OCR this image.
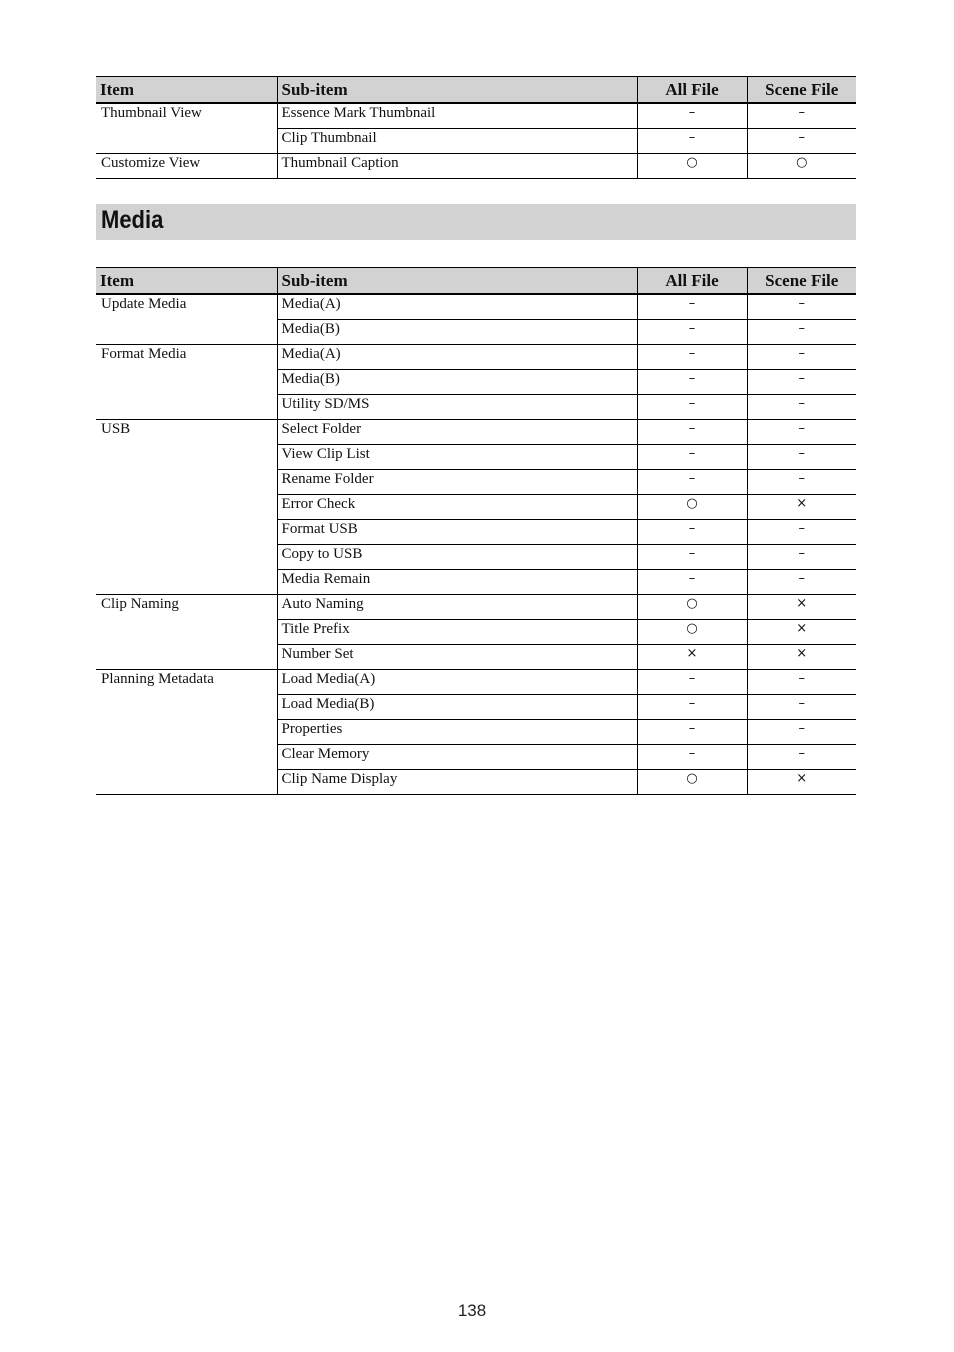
Item	Sub-item	All File	Scene File
Thumbnail View	Essence Mark Thumbnail	–	–
	Clip Thumbnail	–	–
Customize View	Thumbnail Caption	○	○
Media
Item	Sub-item	All File	Scene File
Update Media	Media(A)	–	–
	Media(B)	–	–
Format Media	Media(A)	–	–
	Media(B)	–	–
	Utility SD/MS	–	–
USB	Select Folder	–	–
	View Clip List	–	–
	Rename Folder	–	–
	Error Check	○	×
	Format USB	–	–
	Copy to USB	–	–
	Media Remain	–	–
Clip Naming	Auto Naming	○	×
	Title Prefix	○	×
	Number Set	×	×
Planning Metadata	Load Media(A)	–	–
	Load Media(B)	–	–
	Properties	–	–
	Clear Memory	–	–
	Clip Name Display	○	×
138
